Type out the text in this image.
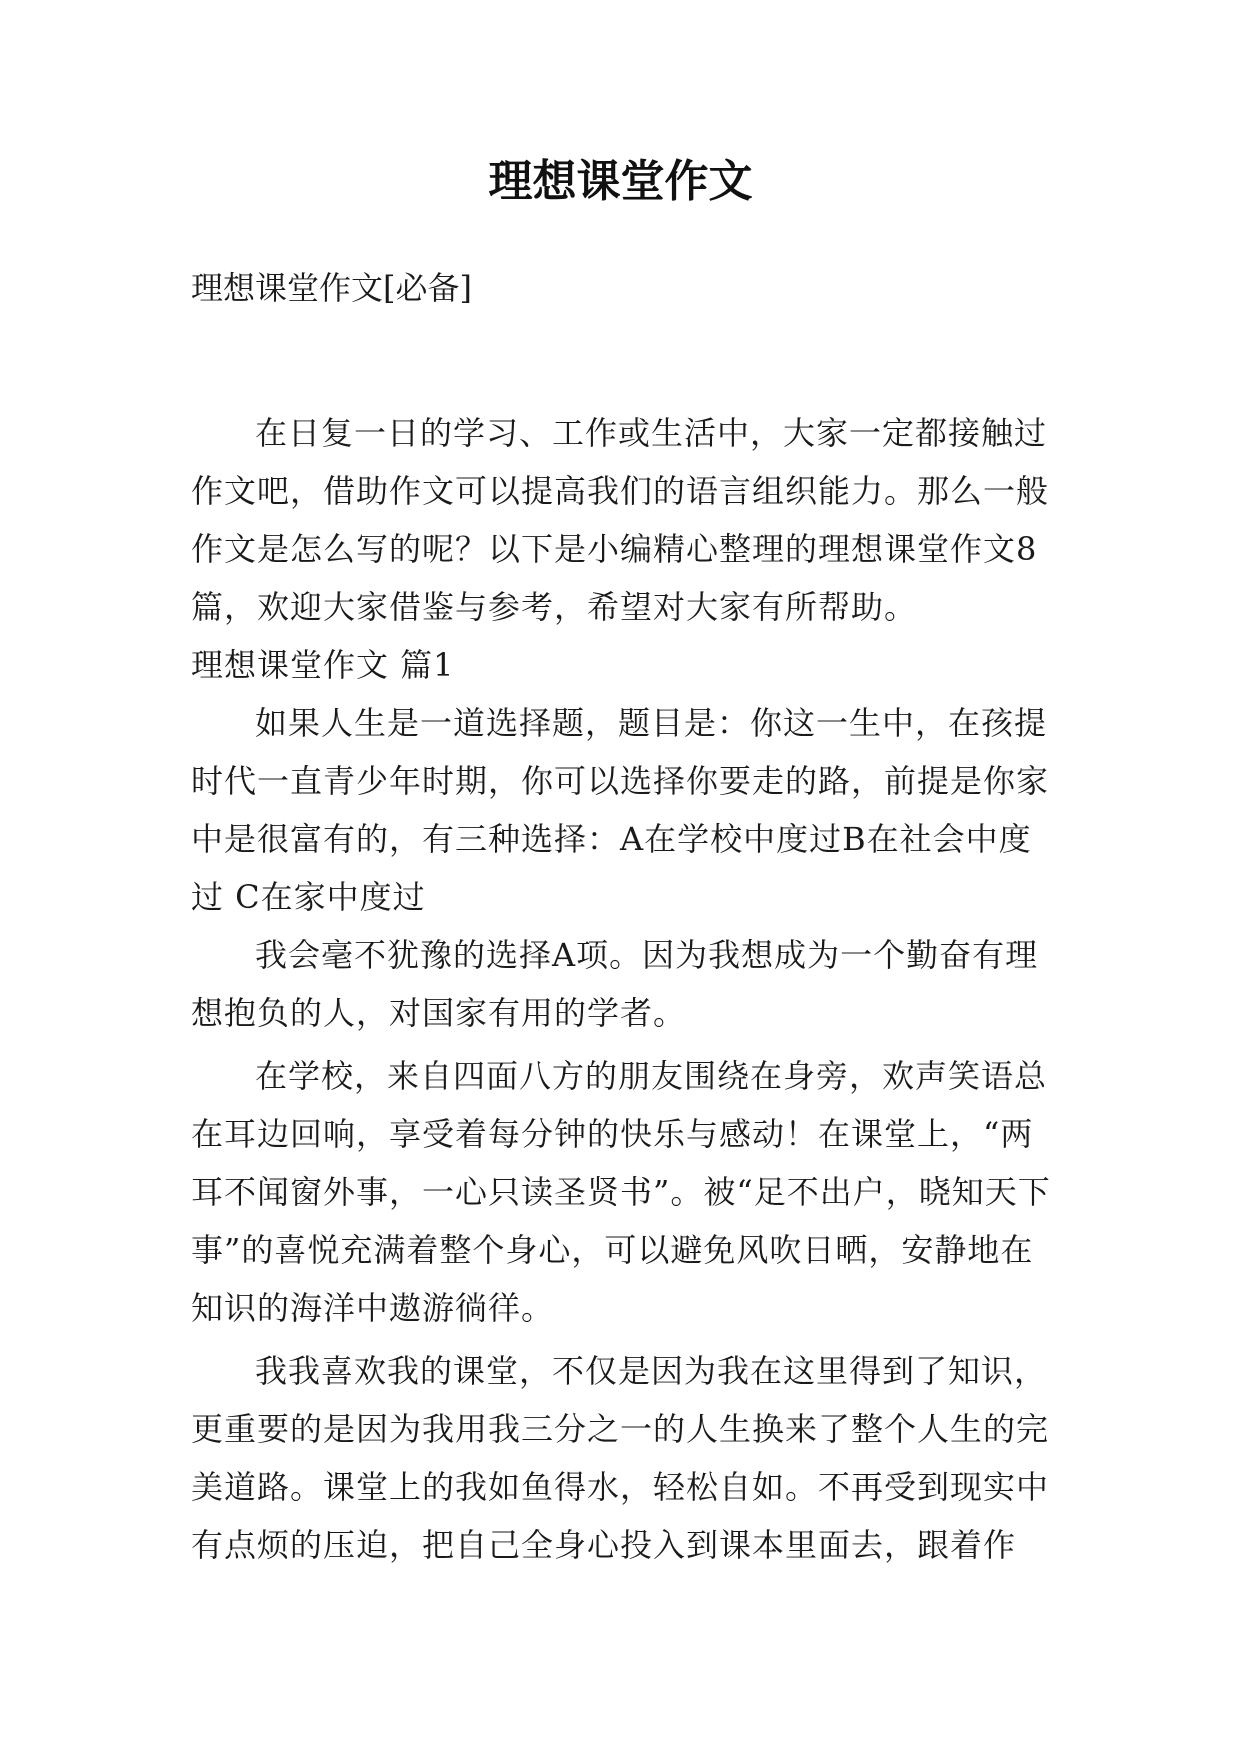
理想课堂作文

理想课堂作文[必备]

在日复一日的学习、工作或生活中，大家一定都接触过作文吧，借助作文可以提高我们的语言组织能力。那么一般作文是怎么写的呢？以下是小编精心整理的理想课堂作文8篇，欢迎大家借鉴与参考，希望对大家有所帮助。

理想课堂作文 篇1

如果人生是一道选择题，题目是：你这一生中，在孩提时代一直青少年时期，你可以选择你要走的路，前提是你家中是很富有的，有三种选择：A在学校中度过B在社会中度过 C在家中度过

我会毫不犹豫的选择A项。因为我想成为一个勤奋有理想抱负的人，对国家有用的学者。

在学校，来自四面八方的朋友围绕在身旁，欢声笑语总在耳边回响，享受着每分钟的快乐与感动！在课堂上，“两耳不闻窗外事，一心只读圣贤书”。被“足不出户，晓知天下事”的喜悦充满着整个身心，可以避免风吹日晒，安静地在知识的海洋中遨游徜徉。

我我喜欢我的课堂，不仅是因为我在这里得到了知识，更重要的是因为我用我三分之一的人生换来了整个人生的完美道路。课堂上的我如鱼得水，轻松自如。不再受到现实中有点烦的压迫，把自己全身心投入到课本里面去，跟着作
